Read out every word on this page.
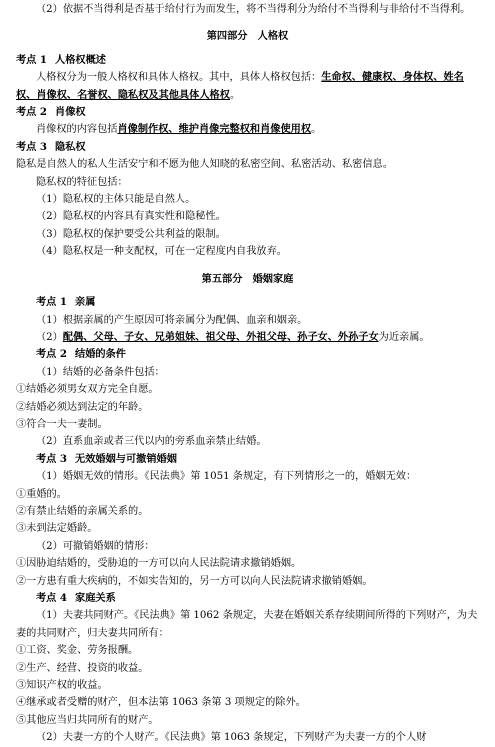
（2）依据不当得利是否基于给付行为而发生，将不当得利分为给付不当得利与非给付不当得利。

第四部分　人格权

考点 1 人格权概述

人格权分为一般人格权和具体人格权。其中，具体人格权包括：生命权、健康权、身体权、姓名权、肖像权、名誉权、隐私权及其他具体人格权。

考点 2 肖像权

肖像权的内容包括肖像制作权、维护肖像完整权和肖像使用权。

考点 3 隐私权

隐私是自然人的私人生活安宁和不愿为他人知晓的私密空间、私密活动、私密信息。

隐私权的特征包括：

（1）隐私权的主体只能是自然人。

（2）隐私权的内容具有真实性和隐秘性。

（3）隐私权的保护要受公共利益的限制。

（4）隐私权是一种支配权，可在一定程度内自我放弃。

第五部分　婚姻家庭

考点 1 亲属

（1）根据亲属的产生原因可将亲属分为配偶、血亲和姻亲。

（2）配偶、父母、子女、兄弟姐妹、祖父母、外祖父母、孙子女、外孙子女为近亲属。

考点 2 结婚的条件

（1）结婚的必备条件包括：

①结婚必须男女双方完全自愿。

②结婚必须达到法定的年龄。

③符合一夫一妻制。

（2）直系血亲或者三代以内的旁系血亲禁止结婚。

考点 3 无效婚姻与可撤销婚姻

（1）婚姻无效的情形。《民法典》第 1051 条规定，有下列情形之一的，婚姻无效：

①重婚的。

②有禁止结婚的亲属关系的。

③未到法定婚龄。

（2）可撤销婚姻的情形：

①因胁迫结婚的，受胁迫的一方可以向人民法院请求撤销婚姻。

②一方患有重大疾病的，不如实告知的，另一方可以向人民法院请求撤销婚姻。

考点 4 家庭关系

（1）夫妻共同财产。《民法典》第 1062 条规定，夫妻在婚姻关系存续期间所得的下列财产，为夫妻的共同财产，归夫妻共同所有：

①工资、奖金、劳务报酬。

②生产、经营、投资的收益。

③知识产权的收益。

④继承或者受赠的财产，但本法第 1063 条第 3 项规定的除外。

⑤其他应当归共同所有的财产。

（2）夫妻一方的个人财产。《民法典》第 1063 条规定，下列财产为夫妻一方的个人财
